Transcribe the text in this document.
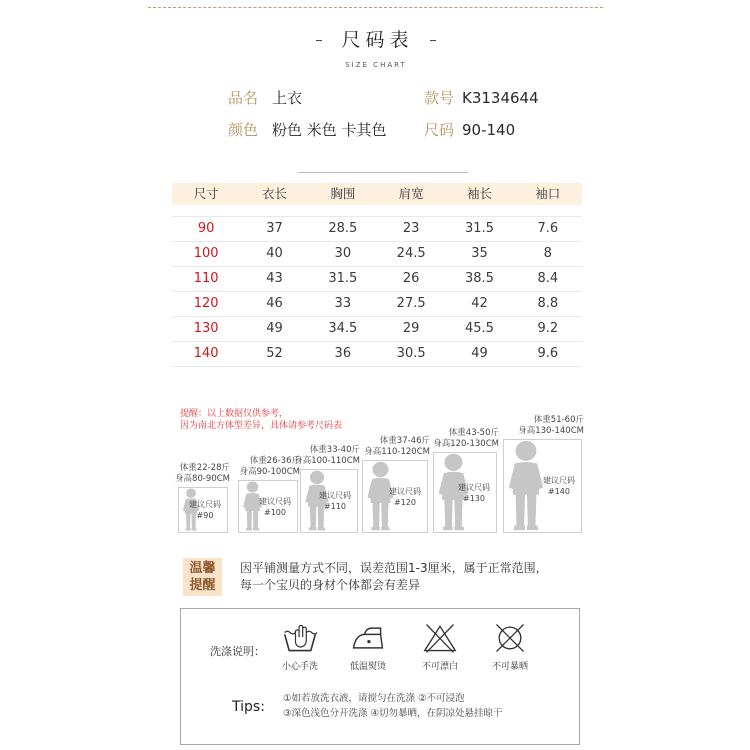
尺码表
SIZE CHART
品名 上衣	款号 K3134644
颜色 粉色 米色 卡其色 尺码 90-140
尺寸	衣长	胸围	肩宽	袖长	袖口
90	37	28.5	23	31.5	7.6
100	40	30	24.5	35	8
110	43	31.5	26	38.5	8.4
120	46	33	27.5	42	8.8
130	49	34.5	29	45.5	9.2
140	52	36	30.5	49	9.6
提醒：以上数据仅供参考，
因为南北方体型差异，具体请参考尺码表
体重22-28斤
身高80-90CM
建议尺码
#90
体重26-36斤
身高90-100CM
建议尺码
#100
体重33-40斤
身高100-110CM
建议尺码
#110
体重37-46斤
身高110-120CM
建议尺码
#120
体重43-50斤
身高120-130CM
建议尺码
#130
体重51-60斤
身高130-140CM
建议尺码
#140
温馨
提醒
因平铺测量方式不同，误差范围1-3厘米，属于正常范围，
每一个宝贝的身材个体都会有差异
洗涤说明：
小心手洗	低温熨烫	不可漂白	不可暴晒
Tips:
①如若放洗衣液，请搅匀在洗涤 ②不可浸泡
③深色浅色分开洗涤 ④切勿暴晒，在阴凉处悬挂晾干
